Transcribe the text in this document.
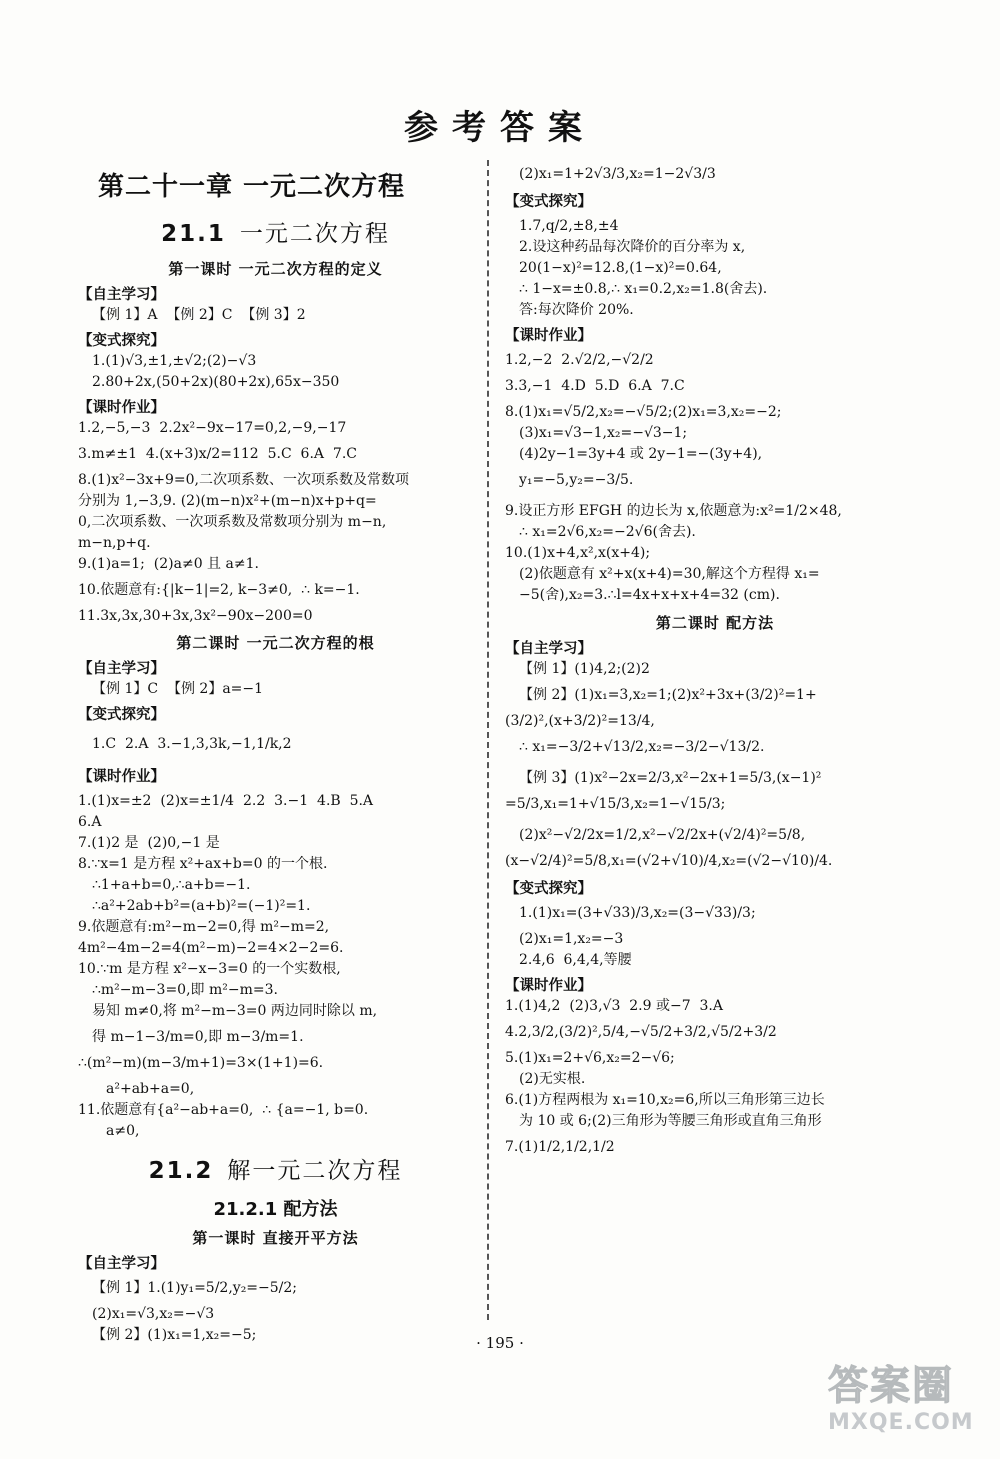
参考答案
第二十一章 一元二次方程
21.1 一元二次方程
第一课时 一元二次方程的定义
【自主学习】
【例 1】A  【例 2】C  【例 3】2
【变式探究】
1.(1)√3,±1,±√2;(2)−√3
2.80+2x,(50+2x)(80+2x),65x−350
【课时作业】
1.2,−5,−3  2.2x²−9x−17=0,2,−9,−17
3.m≠±1  4.(x+3)x/2=112  5.C  6.A  7.C
8.(1)x²−3x+9=0,二次项系数、一次项系数及常数项
分别为 1,−3,9. (2)(m−n)x²+(m−n)x+p+q=
0,二次项系数、一次项系数及常数项分别为 m−n,
m−n,p+q.
9.(1)a=1;  (2)a≠0 且 a≠1.
10.依题意有:{|k−1|=2, k−3≠0,  ∴ k=−1.
11.3x,3x,30+3x,3x²−90x−200=0
第二课时 一元二次方程的根
【自主学习】
【例 1】C  【例 2】a=−1
【变式探究】
1.C  2.A  3.−1,3,3k,−1,1/k,2
【课时作业】
1.(1)x=±2  (2)x=±1/4  2.2  3.−1  4.B  5.A
6.A
7.(1)2 是  (2)0,−1 是
8.∵x=1 是方程 x²+ax+b=0 的一个根.
∴1+a+b=0,∴a+b=−1.
∴a²+2ab+b²=(a+b)²=(−1)²=1.
9.依题意有:m²−m−2=0,得 m²−m=2,
4m²−4m−2=4(m²−m)−2=4×2−2=6.
10.∵m 是方程 x²−x−3=0 的一个实数根,
∴m²−m−3=0,即 m²−m=3.
易知 m≠0,将 m²−m−3=0 两边同时除以 m,
得 m−1−3/m=0,即 m−3/m=1.
∴(m²−m)(m−3/m+1)=3×(1+1)=6.
a²+ab+a=0,
11.依题意有{a²−ab+a=0,  ∴ {a=−1, b=0.
a≠0,
21.2 解一元二次方程
21.2.1 配方法
第一课时 直接开平方法
【自主学习】
【例 1】1.(1)y₁=5/2,y₂=−5/2;
(2)x₁=√3,x₂=−√3
【例 2】(1)x₁=1,x₂=−5;
(2)x₁=1+2√3/3,x₂=1−2√3/3
【变式探究】
1.7,q/2,±8,±4
2.设这种药品每次降价的百分率为 x,
20(1−x)²=12.8,(1−x)²=0.64,
∴ 1−x=±0.8,∴ x₁=0.2,x₂=1.8(舍去).
答:每次降价 20%.
【课时作业】
1.2,−2  2.√2/2,−√2/2
3.3,−1  4.D  5.D  6.A  7.C
8.(1)x₁=√5/2,x₂=−√5/2;(2)x₁=3,x₂=−2;
(3)x₁=√3−1,x₂=−√3−1;
(4)2y−1=3y+4 或 2y−1=−(3y+4),
y₁=−5,y₂=−3/5.
9.设正方形 EFGH 的边长为 x,依题意为:x²=1/2×48,
∴ x₁=2√6,x₂=−2√6(舍去).
10.(1)x+4,x²,x(x+4);
(2)依题意有 x²+x(x+4)=30,解这个方程得 x₁=
−5(舍),x₂=3.∴l=4x+x+x+4=32 (cm).
第二课时 配方法
【自主学习】
【例 1】(1)4,2;(2)2
【例 2】(1)x₁=3,x₂=1;(2)x²+3x+(3/2)²=1+
(3/2)²,(x+3/2)²=13/4,
∴ x₁=−3/2+√13/2,x₂=−3/2−√13/2.
【例 3】(1)x²−2x=2/3,x²−2x+1=5/3,(x−1)²
=5/3,x₁=1+√15/3,x₂=1−√15/3;
(2)x²−√2/2x=1/2,x²−√2/2x+(√2/4)²=5/8,
(x−√2/4)²=5/8,x₁=(√2+√10)/4,x₂=(√2−√10)/4.
【变式探究】
1.(1)x₁=(3+√33)/3,x₂=(3−√33)/3;
(2)x₁=1,x₂=−3
2.4,6  6,4,4,等腰
【课时作业】
1.(1)4,2  (2)3,√3  2.9 或−7  3.A
4.2,3/2,(3/2)²,5/4,−√5/2+3/2,√5/2+3/2
5.(1)x₁=2+√6,x₂=2−√6;
(2)无实根.
6.(1)方程两根为 x₁=10,x₂=6,所以三角形第三边长
为 10 或 6;(2)三角形为等腰三角形或直角三角形
7.(1)1/2,1/2,1/2
· 195 ·
答案圈
MXQE.COM
